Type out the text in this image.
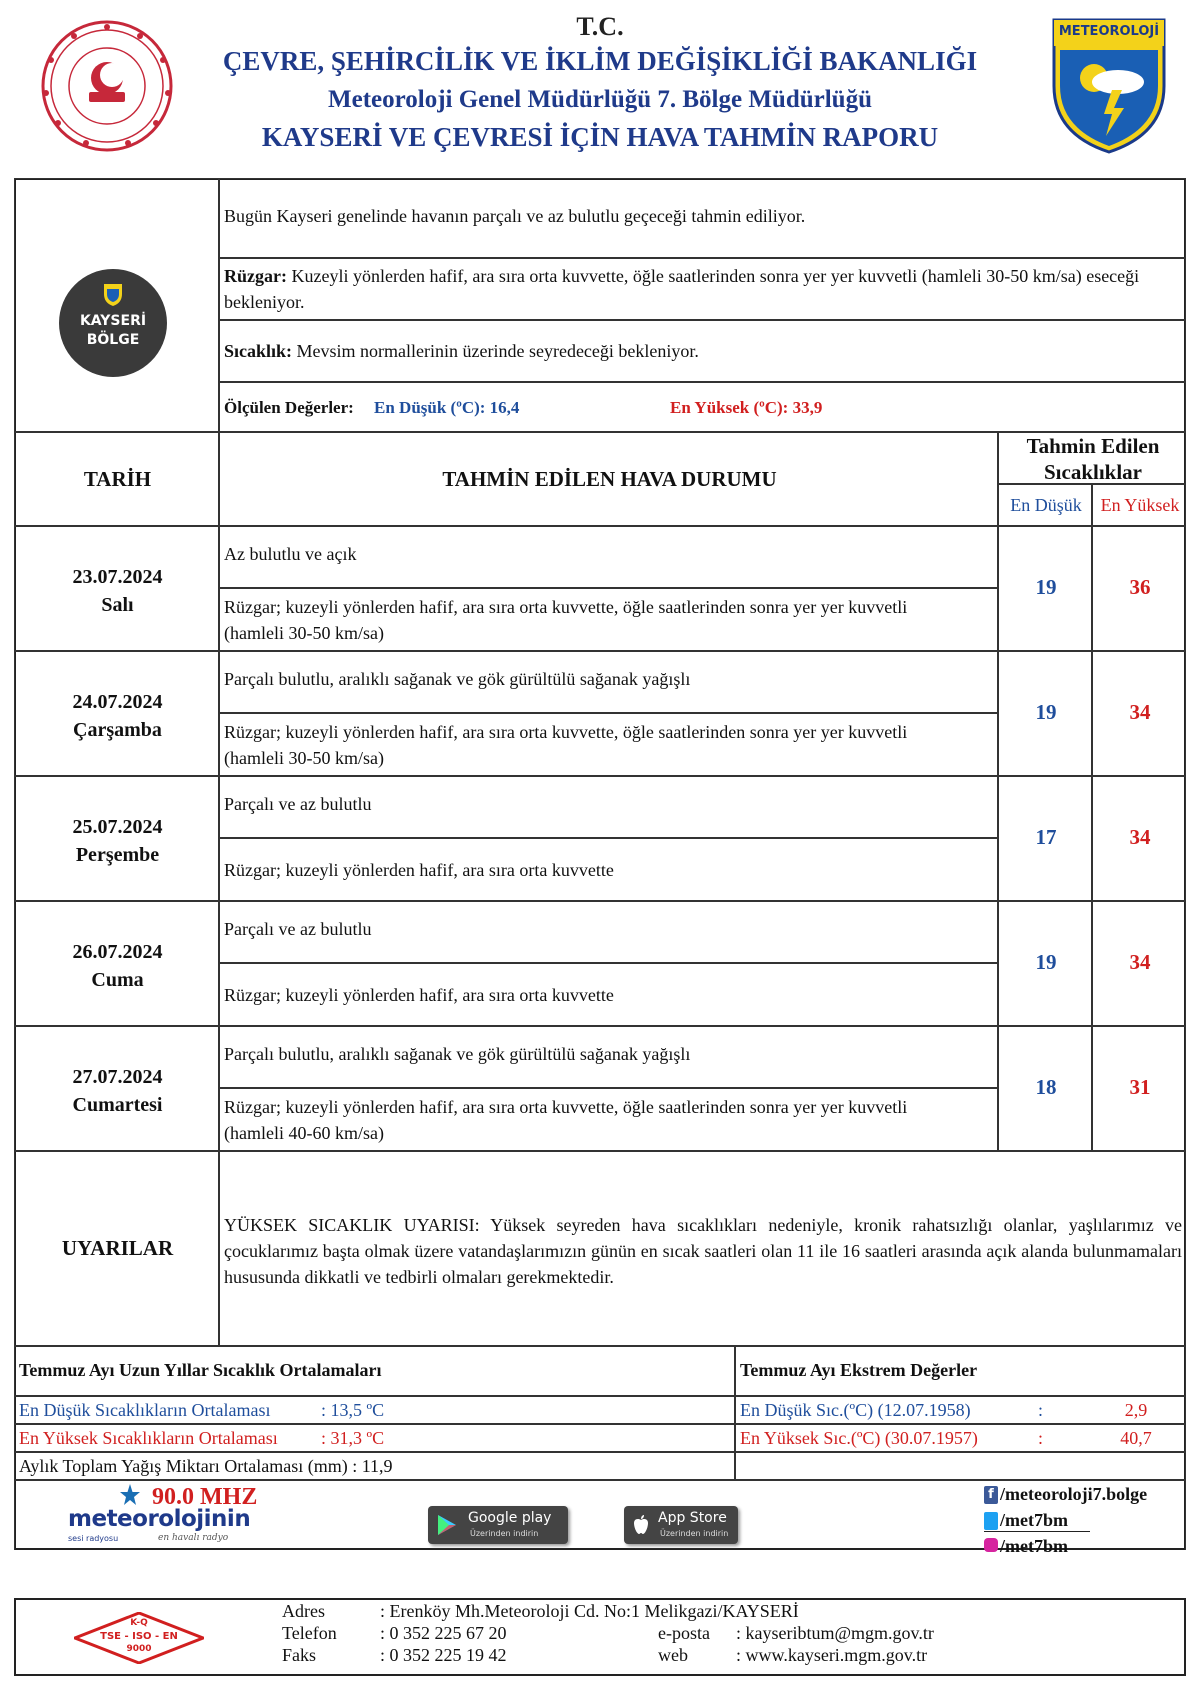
T.C.
ÇEVRE, ŞEHİRCİLİK VE İKLİM DEĞİŞİKLİĞİ BAKANLIĞI
Meteoroloji Genel Müdürlüğü 7. Bölge Müdürlüğü
KAYSERİ VE ÇEVRESİ İÇİN HAVA TAHMİN RAPORU
METEOROLOJİ
KAYSERİ
BÖLGE
Bugün Kayseri genelinde havanın parçalı ve az bulutlu geçeceği tahmin ediliyor.
Rüzgar: Kuzeyli yönlerden hafif, ara sıra orta kuvvette, öğle saatlerinden sonra yer yer kuvvetli (hamleli 30-50 km/sa) eseceği bekleniyor.
Sıcaklık: Mevsim normallerinin üzerinde seyredeceği bekleniyor.
Ölçülen Değerler: En Düşük (ºC): 16,4	En Yüksek (ºC): 33,9
TARİH	TAHMİN EDİLEN HAVA DURUMU
Tahmin Edilen
Sıcaklıklar
En Düşük	En Yüksek
23.07.2024
Salı
Az bulutlu ve açık
Rüzgar; kuzeyli yönlerden hafif, ara sıra orta kuvvette, öğle saatlerinden sonra yer yer kuvvetli (hamleli 30-50 km/sa)
19	36
24.07.2024
Çarşamba
Parçalı bulutlu, aralıklı sağanak ve gök gürültülü sağanak yağışlı
Rüzgar; kuzeyli yönlerden hafif, ara sıra orta kuvvette, öğle saatlerinden sonra yer yer kuvvetli (hamleli 30-50 km/sa)
19	34
25.07.2024
Perşembe
Parçalı ve az bulutlu
Rüzgar; kuzeyli yönlerden hafif, ara sıra orta kuvvette
17	34
26.07.2024
Cuma
Parçalı ve az bulutlu
Rüzgar; kuzeyli yönlerden hafif, ara sıra orta kuvvette
19	34
27.07.2024
Cumartesi
Parçalı bulutlu, aralıklı sağanak ve gök gürültülü sağanak yağışlı
Rüzgar; kuzeyli yönlerden hafif, ara sıra orta kuvvette, öğle saatlerinden sonra yer yer kuvvetli (hamleli 40-60 km/sa)
18	31
UYARILAR
YÜKSEK SICAKLIK UYARISI: Yüksek seyreden hava sıcaklıkları nedeniyle, kronik rahatsızlığı olanlar, yaşlılarımız ve çocuklarımız başta olmak üzere vatandaşlarımızın günün en sıcak saatleri olan 11 ile 16 saatleri arasında açık alanda bulunmamaları hususunda dikkatli ve tedbirli olmaları gerekmektedir.
Temmuz Ayı Uzun Yıllar Sıcaklık Ortalamaları	Temmuz Ayı Ekstrem Değerler
En Düşük Sıcaklıkların Ortalaması	: 13,5 ºC	En Düşük Sıc.(ºC) (12.07.1958)	:	2,9
En Yüksek Sıcaklıkların Ortalaması : 31,3 ºC	En Yüksek Sıc.(ºC) (30.07.1957)	:	40,7
Aylık Toplam Yağış Miktarı Ortalaması (mm) : 11,9
90.0 MHZ
meteorolojinin
sesi radyosu	en havalı radyo
Google play
Üzerinden indirin
App Store
Üzerinden indirin
f /meteoroloji7.bolge
/met7bm
/met7bm
K-Q
TSE - ISO - EN
9000
Adres	: Erenköy Mh.Meteoroloji Cd. No:1 Melikgazi/KAYSERİ
Telefon : 0 352 225 67 20
Faks	: 0 352 225 19 42
e-posta : kayseribtum@mgm.gov.tr
web	: www.kayseri.mgm.gov.tr
